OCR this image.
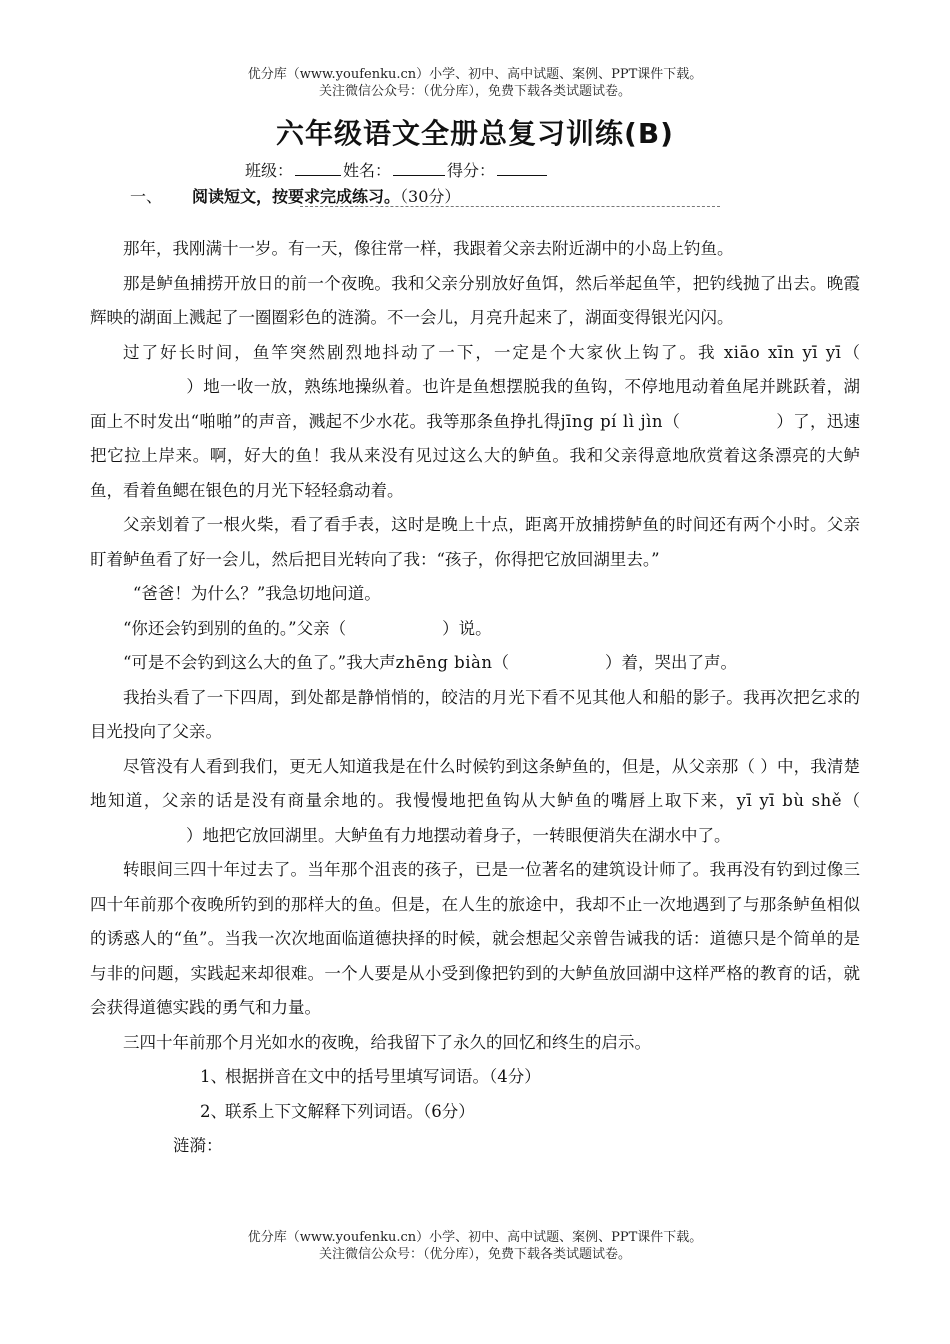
优分库（www.youfenku.cn）小学、初中、高中试题、案例、PPT课件下载。
关注微信公众号：（优分库），免费下载各类试题试卷。
六年级语文全册总复习训练(B)
班级：	姓名：	得分：
一、 阅读短文，按要求完成练习。（30分）

那年，我刚满十一岁。有一天，像往常一样，我跟着父亲去附近湖中的小岛上钓鱼。

那是鲈鱼捕捞开放日的前一个夜晚。我和父亲分别放好鱼饵，然后举起鱼竿，把钓线抛了出去。晚霞辉映的湖面上溅起了一圈圈彩色的涟漪。不一会儿，月亮升起来了，湖面变得银光闪闪。

过了好长时间，鱼竿突然剧烈地抖动了一下，一定是个大家伙上钩了。我 xiāo xīn yī yī（）地一收一放，熟练地操纵着。也许是鱼想摆脱我的鱼钩，不停地甩动着鱼尾并跳跃着，湖面上不时发出“啪啪”的声音，溅起不少水花。我等那条鱼挣扎得jīng pí lì jìn（	）了，迅速把它拉上岸来。啊，好大的鱼！我从来没有见过这么大的鲈鱼。我和父亲得意地欣赏着这条漂亮的大鲈鱼，看着鱼鳃在银色的月光下轻轻翕动着。

父亲划着了一根火柴，看了看手表，这时是晚上十点，距离开放捕捞鲈鱼的时间还有两个小时。父亲盯着鲈鱼看了好一会儿，然后把目光转向了我：“孩子，你得把它放回湖里去。”

“爸爸！为什么？”我急切地问道。

“你还会钓到别的鱼的。”父亲（	）说。

“可是不会钓到这么大的鱼了。”我大声zhēng biàn（	）着，哭出了声。

我抬头看了一下四周，到处都是静悄悄的，皎洁的月光下看不见其他人和船的影子。我再次把乞求的目光投向了父亲。

尽管没有人看到我们，更无人知道我是在什么时候钓到这条鲈鱼的，但是，从父亲那（ ）中，我清楚地知道，父亲的话是没有商量余地的。我慢慢地把鱼钩从大鲈鱼的嘴唇上取下来，yī yī bù shě（）地把它放回湖里。大鲈鱼有力地摆动着身子，一转眼便消失在湖水中了。

转眼间三四十年过去了。当年那个沮丧的孩子，已是一位著名的建筑设计师了。我再没有钓到过像三四十年前那个夜晚所钓到的那样大的鱼。但是，在人生的旅途中，我却不止一次地遇到了与那条鲈鱼相似的诱惑人的“鱼”。当我一次次地面临道德抉择的时候，就会想起父亲曾告诫我的话：道德只是个简单的是与非的问题，实践起来却很难。一个人要是从小受到像把钓到的大鲈鱼放回湖中这样严格的教育的话，就会获得道德实践的勇气和力量。

三四十年前那个月光如水的夜晚，给我留下了永久的回忆和终生的启示。

1、根据拼音在文中的括号里填写词语。（4分）

2、联系上下文解释下列词语。（6分）

涟漪：

优分库（www.youfenku.cn）小学、初中、高中试题、案例、PPT课件下载。
关注微信公众号：（优分库），免费下载各类试题试卷。
